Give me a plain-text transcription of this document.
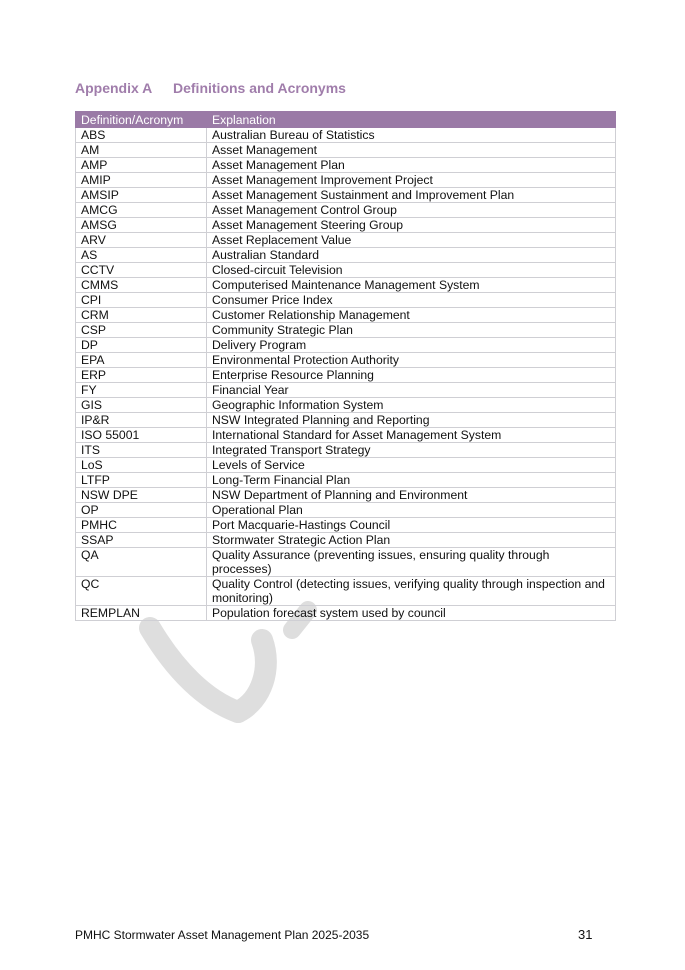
Appendix A Definitions and Acronyms
Definition/Acronym	Explanation
ABS	Australian Bureau of Statistics
AM	Asset Management
AMP	Asset Management Plan
AMIP	Asset Management Improvement Project
AMSIP	Asset Management Sustainment and Improvement Plan
AMCG	Asset Management Control Group
AMSG	Asset Management Steering Group
ARV	Asset Replacement Value
AS	Australian Standard
CCTV	Closed-circuit Television
CMMS	Computerised Maintenance Management System
CPI	Consumer Price Index
CRM	Customer Relationship Management
CSP	Community Strategic Plan
DP	Delivery Program
EPA	Environmental Protection Authority
ERP	Enterprise Resource Planning
FY	Financial Year
GIS	Geographic Information System
IP&R	NSW Integrated Planning and Reporting
ISO 55001	International Standard for Asset Management System
ITS	Integrated Transport Strategy
LoS	Levels of Service
LTFP	Long-Term Financial Plan
NSW DPE	NSW Department of Planning and Environment
OP	Operational Plan
PMHC	Port Macquarie-Hastings Council
SSAP	Stormwater Strategic Action Plan
QA	Quality Assurance (preventing issues, ensuring quality through processes)
QC	Quality Control (detecting issues, verifying quality through inspection and monitoring)
REMPLAN	Population forecast system used by council
PMHC Stormwater Asset Management Plan 2025-2035	31
